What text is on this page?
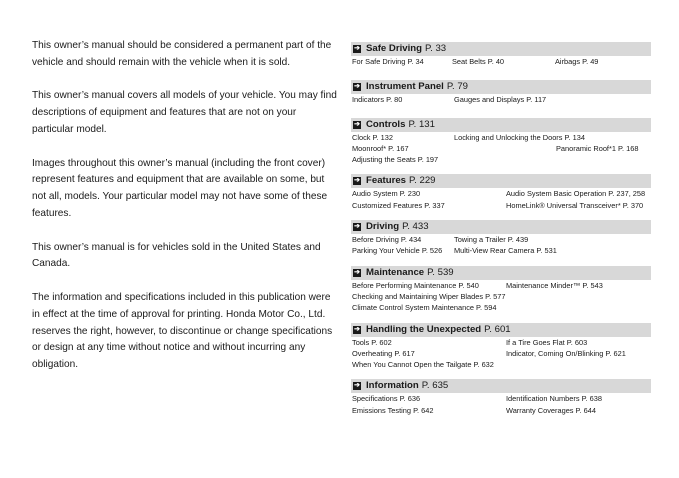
This owner’s manual should be considered a permanent part of the vehicle and should remain with the vehicle when it is sold.

This owner’s manual covers all models of your vehicle. You may find descriptions of equipment and features that are not on your particular model.

Images throughout this owner’s manual (including the front cover) represent features and equipment that are available on some, but not all, models. Your particular model may not have some of these features.

This owner’s manual is for vehicles sold in the United States and Canada.

The information and specifications included in this publication were in effect at the time of approval for printing. Honda Motor Co., Ltd. reserves the right, however, to discontinue or change specifications or design at any time without notice and without incurring any obligation.

➔ Safe Driving P. 33
For Safe Driving P. 34	Seat Belts P. 40	Airbags P. 49
➔ Instrument Panel P. 79
Indicators P. 80	Gauges and Displays P. 117
➔ Controls P. 131
Clock P. 132	Locking and Unlocking the Doors P. 134
Moonroof* P. 167	Panoramic Roof*1 P. 168
Adjusting the Seats P. 197
➔ Features P. 229
Audio System P. 230	Audio System Basic Operation P. 237, 258
Customized Features P. 337	HomeLink® Universal Transceiver* P. 370
➔ Driving P. 433
Before Driving P. 434	Towing a Trailer P. 439
Parking Your Vehicle P. 526 Multi-View Rear Camera P. 531
➔ Maintenance P. 539
Before Performing Maintenance P. 540	Maintenance Minder™ P. 543
Checking and Maintaining Wiper Blades P. 577
Climate Control System Maintenance P. 594
➔ Handling the Unexpected P. 601
Tools P. 602	If a Tire Goes Flat P. 603
Overheating P. 617	Indicator, Coming On/Blinking P. 621
When You Cannot Open the Tailgate P. 632
➔ Information P. 635
Specifications P. 636	Identification Numbers P. 638
Emissions Testing P. 642	Warranty Coverages P. 644
